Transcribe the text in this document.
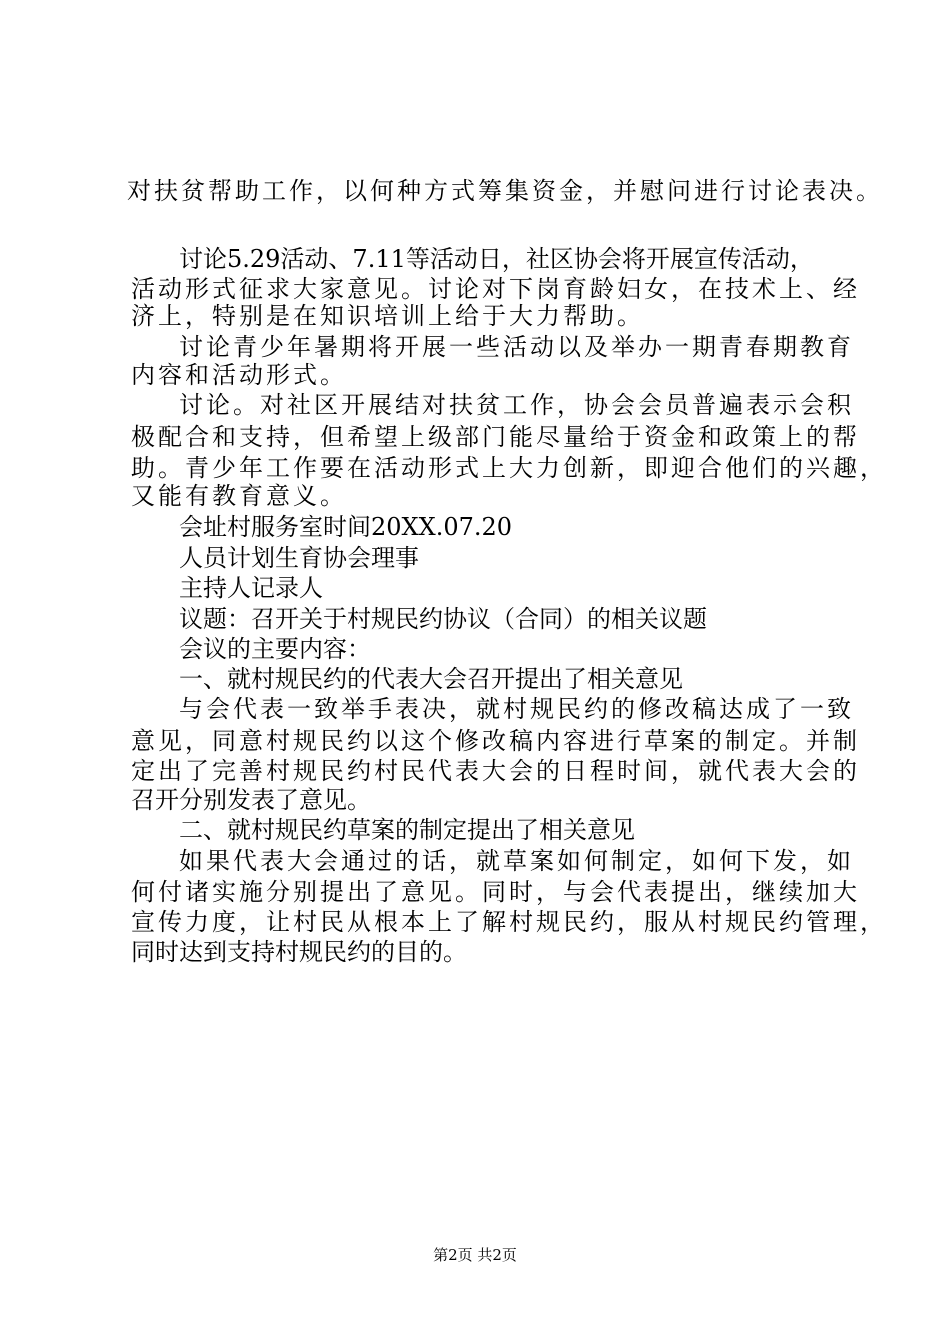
对扶贫帮助工作，以何种方式筹集资金，并慰问进行讨论表决。
讨论5.29活动、7.11等活动日，社区协会将开展宣传活动，
活动形式征求大家意见。讨论对下岗育龄妇女，在技术上、经
济上，特别是在知识培训上给于大力帮助。
讨论青少年暑期将开展一些活动以及举办一期青春期教育
内容和活动形式。
讨论。对社区开展结对扶贫工作，协会会员普遍表示会积
极配合和支持，但希望上级部门能尽量给于资金和政策上的帮
助。青少年工作要在活动形式上大力创新，即迎合他们的兴趣，
又能有教育意义。
会址村服务室时间20XX.07.20
人员计划生育协会理事
主持人记录人
议题：召开关于村规民约协议（合同）的相关议题
会议的主要内容：
一、就村规民约的代表大会召开提出了相关意见
与会代表一致举手表决，就村规民约的修改稿达成了一致
意见，同意村规民约以这个修改稿内容进行草案的制定。并制
定出了完善村规民约村民代表大会的日程时间，就代表大会的
召开分别发表了意见。
二、就村规民约草案的制定提出了相关意见
如果代表大会通过的话，就草案如何制定，如何下发，如
何付诸实施分别提出了意见。同时，与会代表提出，继续加大
宣传力度，让村民从根本上了解村规民约，服从村规民约管理，
同时达到支持村规民约的目的。
第2页 共2页
